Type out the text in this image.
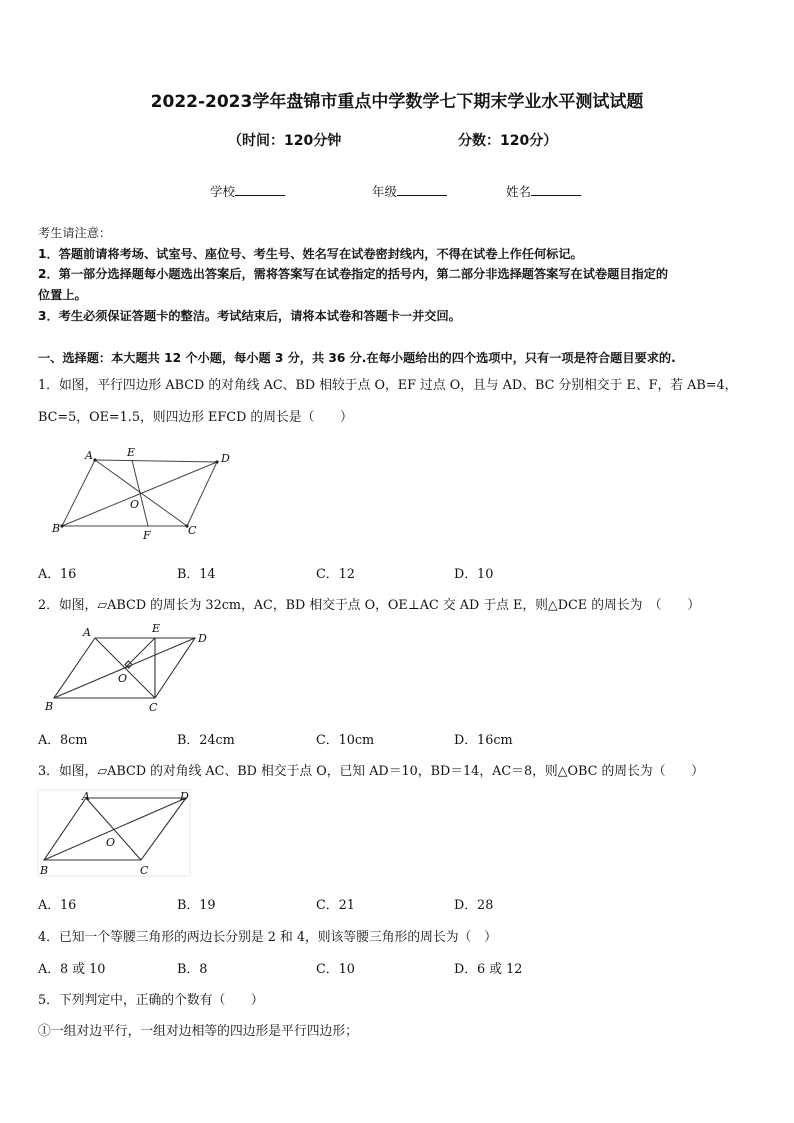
2022-2023学年盘锦市重点中学数学七下期末学业水平测试试题
（时间：120分钟	分数：120分）
学校	年级	姓名
考生请注意：
1．答题前请将考场、试室号、座位号、考生号、姓名写在试卷密封线内，不得在试卷上作任何标记。
2．第一部分选择题每小题选出答案后，需将答案写在试卷指定的括号内，第二部分非选择题答案写在试卷题目指定的
位置上。
3．考生必须保证答题卡的整洁。考试结束后，请将本试卷和答题卡一并交回。
一、选择题：本大题共 12 个小题，每小题 3 分，共 36 分.在每小题给出的四个选项中，只有一项是符合题目要求的.
1．如图，平行四边形 ABCD 的对角线 AC、BD 相较于点 O，EF 过点 O，且与 AD、BC 分别相交于 E、F，若 AB=4，
BC=5，OE=1.5，则四边形 EFCD 的周长是（　　）
A	E	D
O
B
F	C
A．16	B．14	C．12	D．10
2．如图，▱ABCD 的周长为 32cm，AC，BD 相交于点 O，OE⊥AC 交 AD 于点 E，则△DCE 的周长为　（　　）
A	E
D
O
B	C
A．8cm	B．24cm	C．10cm	D．16cm
3．如图，▱ABCD 的对角线 AC、BD 相交于点 O，已知 AD＝10，BD＝14，AC＝8，则△OBC 的周长为（　　）
A	D
O
B	C
A．16	B．19	C．21	D．28
4．已知一个等腰三角形的两边长分别是 2 和 4，则该等腰三角形的周长为（　）
A．8 或 10	B．8	C．10	D．6 或 12
5．下列判定中，正确的个数有（　　）
①一组对边平行，一组对边相等的四边形是平行四边形；
